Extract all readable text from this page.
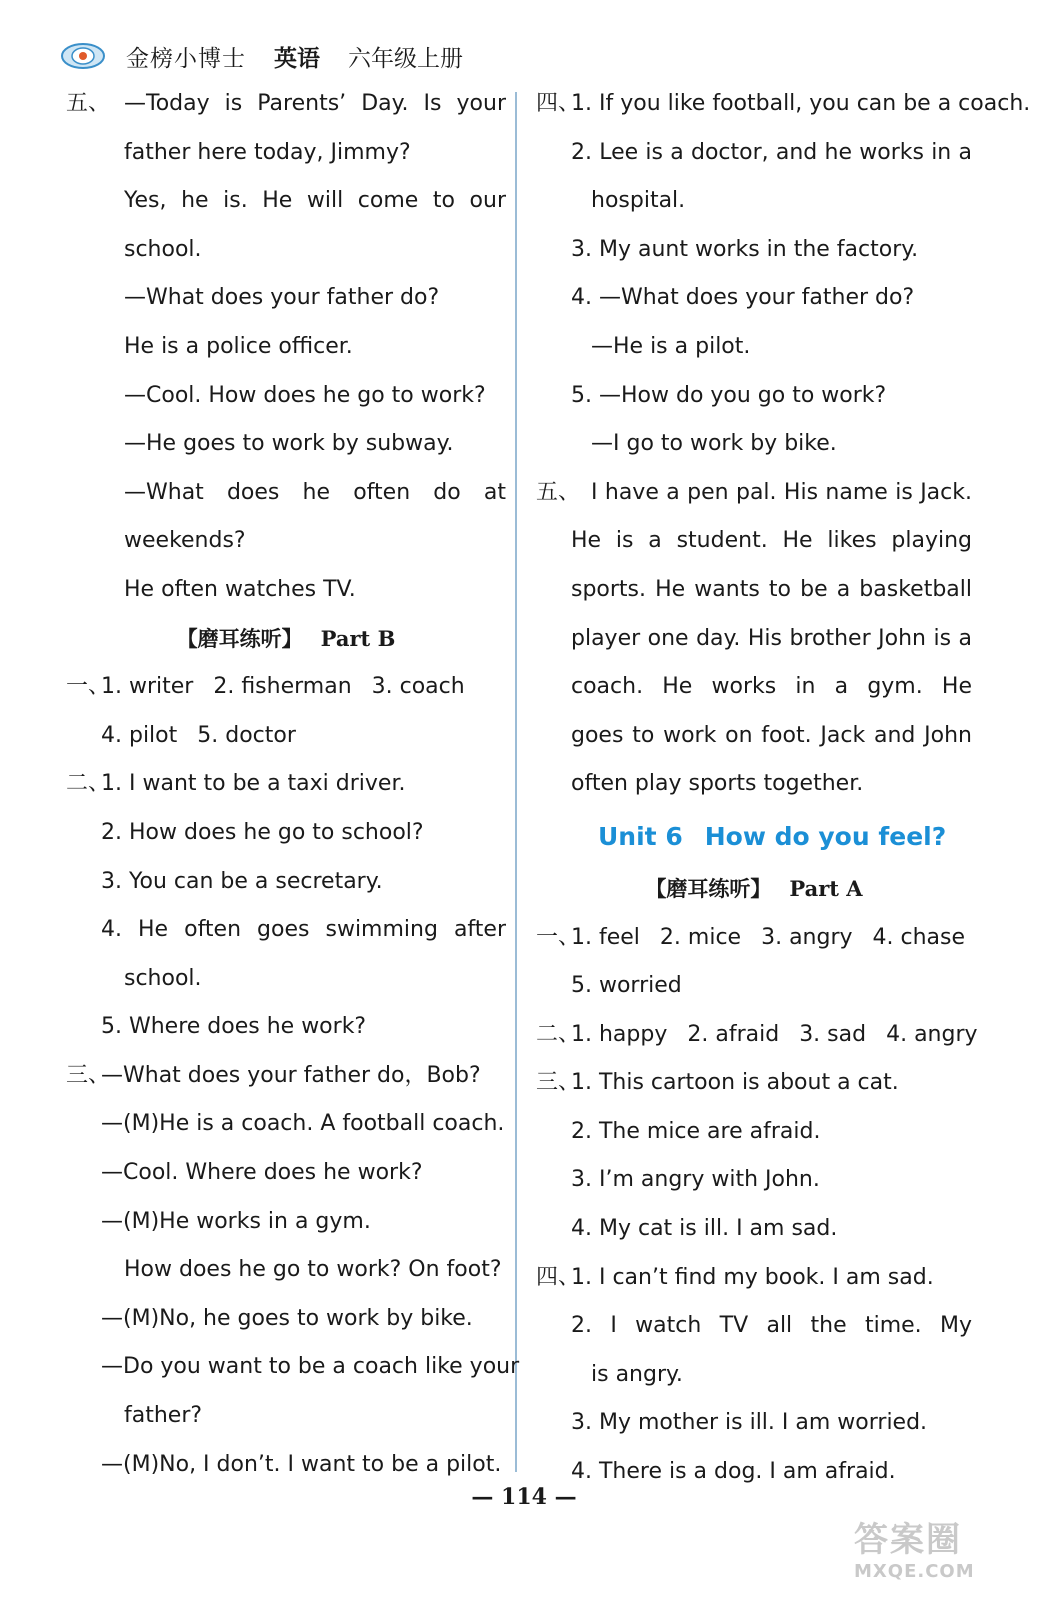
金榜小博士 英语 六年级上册
五、 —Today is Parents’ Day. Is your
father here today, Jimmy?
Yes, he is. He will come to our
school.
—What does your father do?
He is a police officer.
—Cool. How does he go to work?
—He goes to work by subway.
—What does he often do at
weekends?
He often watches TV.
【磨耳练听】 Part B
一、
1. writer 2. fisherman 3. coach
4. pilot 5. doctor
二、
1. I want to be a taxi driver.
2. How does he go to school?
3. You can be a secretary.
4. He often goes swimming after
school.
5. Where does he work?
三、
—What does your father do，Bob?
—(M)He is a coach. A football coach.
—Cool. Where does he work?
—(M)He works in a gym.
How does he go to work? On foot?
—(M)No, he goes to work by bike.
—Do you want to be a coach like your
father?
—(M)No, I don’t. I want to be a pilot.
四、
1. If you like football, you can be a coach.
2. Lee is a doctor, and he works in a
hospital.
3. My aunt works in the factory.
4. —What does your father do?
—He is a pilot.
5. —How do you go to work?
—I go to work by bike.
五、 I have a pen pal. His name is Jack.
He is a student. He likes playing
sports. He wants to be a basketball
player one day. His brother John is a
coach. He works in a gym. He
goes to work on foot. Jack and John
often play sports together.
Unit 6 How do you feel?
【磨耳练听】 Part A
一、
1. feel 2. mice 3. angry 4. chase
5. worried
二、
1. happy 2. afraid 3. sad 4. angry
三、
1. This cartoon is about a cat.
2. The mice are afraid.
3. I’m angry with John.
4. My cat is ill. I am sad.
四、
1. I can’t find my book. I am sad.
2. I watch TV all the time. My
is angry.
3. My mother is ill. I am worried.
4. There is a dog. I am afraid.
— 114 —
答案圈
MXQE.COM
